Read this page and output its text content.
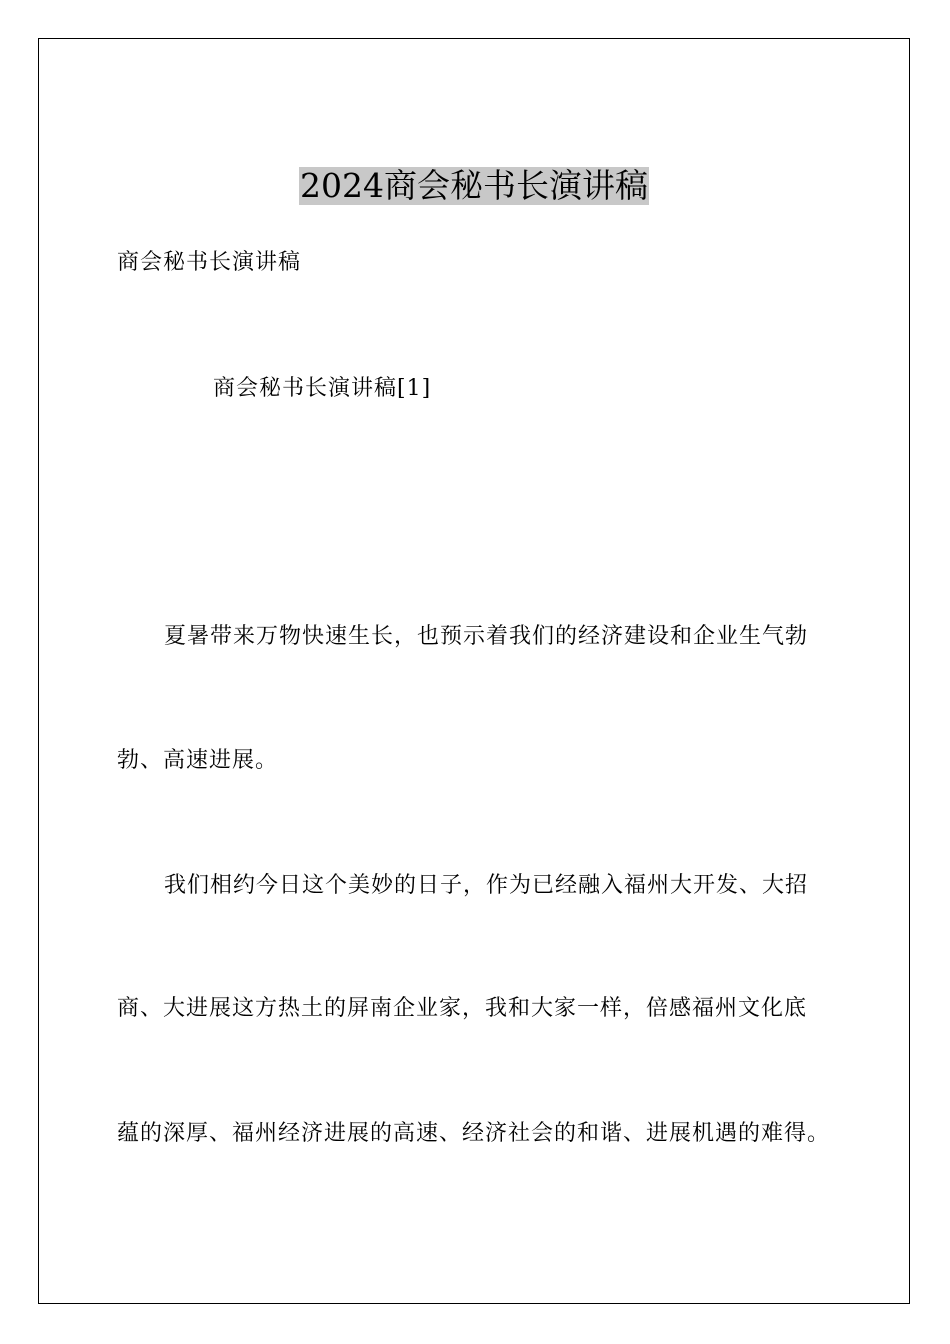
2024商会秘书长演讲稿
商会秘书长演讲稿
商会秘书长演讲稿[1]
夏暑带来万物快速生长，也预示着我们的经济建设和企业生气勃
勃、高速进展。
我们相约今日这个美妙的日子，作为已经融入福州大开发、大招
商、大进展这方热土的屏南企业家，我和大家一样，倍感福州文化底
蕴的深厚、福州经济进展的高速、经济社会的和谐、进展机遇的难得。
